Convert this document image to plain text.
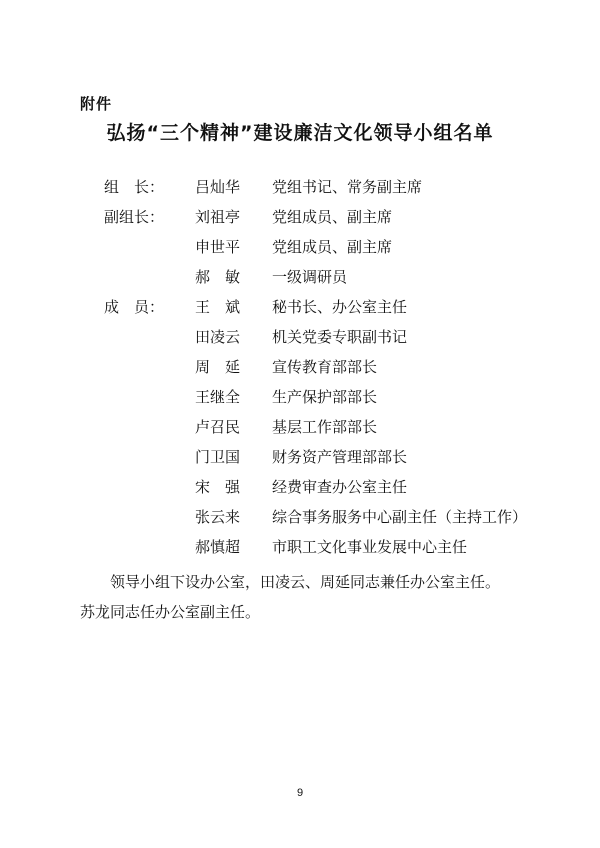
附件
弘扬“三个精神”建设廉洁文化领导小组名单
组　长： 吕灿华 党组书记、常务副主席
副组长： 刘祖亭 党组成员、副主席
申世平 党组成员、副主席
郝　敏 一级调研员
成　员： 王　斌 秘书长、办公室主任
田凌云 机关党委专职副书记
周　延 宣传教育部部长
王继全 生产保护部部长
卢召民 基层工作部部长
门卫国 财务资产管理部部长
宋　强 经费审查办公室主任
张云来 综合事务服务中心副主任（主持工作）
郝慎超 市职工文化事业发展中心主任
领导小组下设办公室，田凌云、周延同志兼任办公室主任。
苏龙同志任办公室副主任。
9
